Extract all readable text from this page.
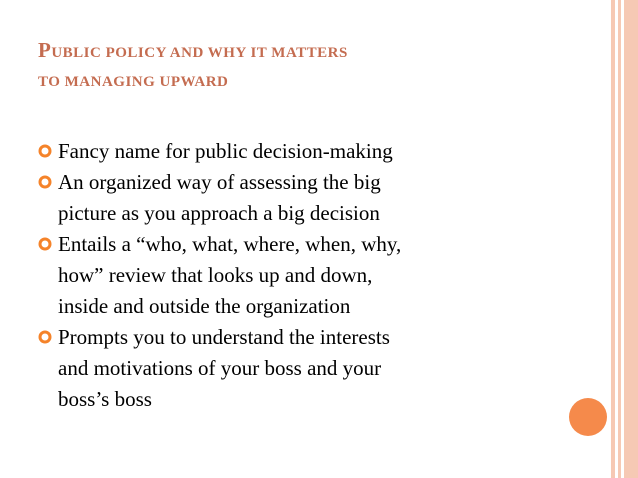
PUBLIC POLICY AND WHY IT MATTERS
TO MANAGING UPWARD
Fancy name for public decision-making
An organized way of assessing the big
picture as you approach a big decision
Entails a “who, what, where, when, why,
how” review that looks up and down,
inside and outside the organization
Prompts you to understand the interests
and motivations of your boss and your
boss’s boss
